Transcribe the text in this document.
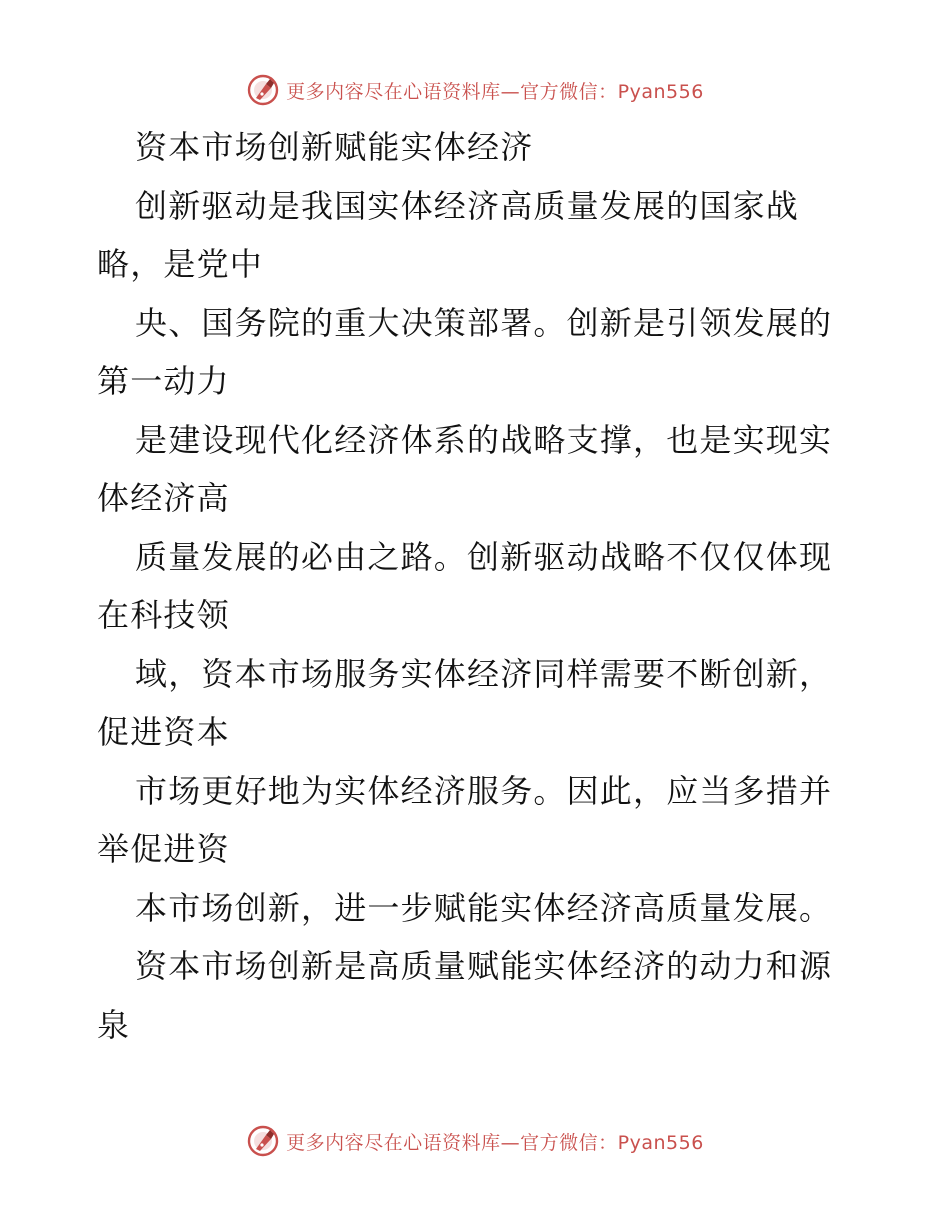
更多内容尽在心语资料库—官方微信：Pyan556
资本市场创新赋能实体经济
创新驱动是我国实体经济高质量发展的国家战
略，是党中
央、国务院的重大决策部署。创新是引领发展的
第一动力
是建设现代化经济体系的战略支撑，也是实现实
体经济高
质量发展的必由之路。创新驱动战略不仅仅体现
在科技领
域，资本市场服务实体经济同样需要不断创新，
促进资本
市场更好地为实体经济服务。因此，应当多措并
举促进资
本市场创新，进一步赋能实体经济高质量发展。
资本市场创新是高质量赋能实体经济的动力和源
泉
更多内容尽在心语资料库—官方微信：Pyan556
